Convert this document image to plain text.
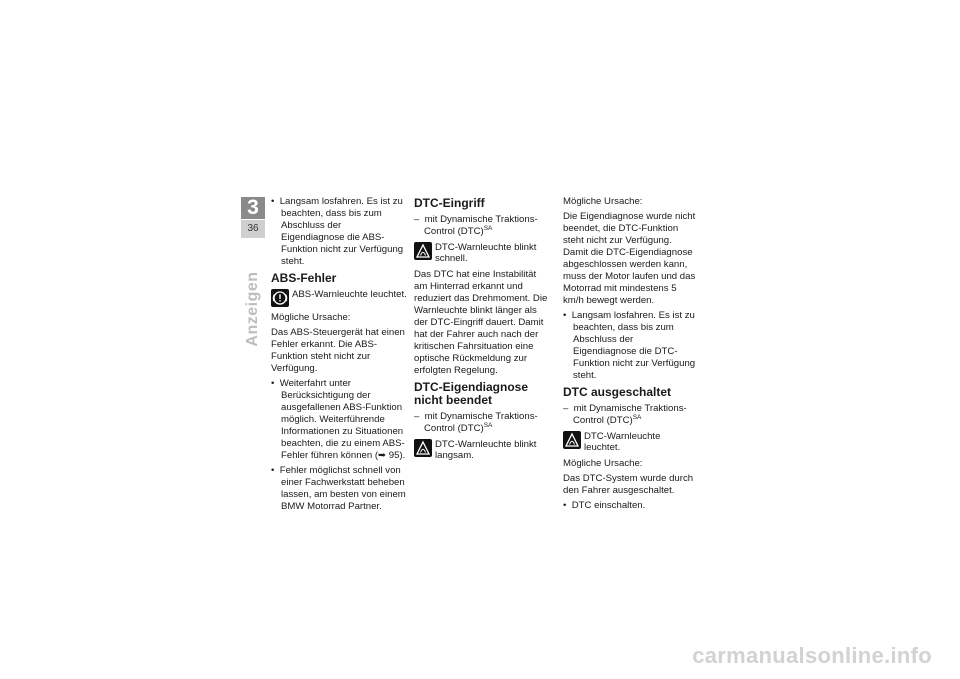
3
36
Anzeigen

•  Langsam losfahren. Es ist zu beachten, dass bis zum Abschluss der Eigendiagnose die ABS-Funktion nicht zur Verfügung steht.

ABS-Fehler
ABS-Warnleuchte leuchtet.

Mögliche Ursache:

Das ABS-Steuergerät hat einen Fehler erkannt. Die ABS-Funktion steht nicht zur Verfügung.

•  Weiterfahrt unter Berücksichtigung der ausgefallenen ABS-Funktion möglich. Weiterführende Informationen zu Situationen beachten, die zu einem ABS-Fehler führen können (➥ 95).

•  Fehler möglichst schnell von einer Fachwerkstatt beheben lassen, am besten von einem BMW Motorrad Partner.

DTC-Eingriff

–  mit Dynamische Traktions-Control (DTC)$^{SA}$

DTC-Warnleuchte blinkt schnell.

Das DTC hat eine Instabilität am Hinterrad erkannt und reduziert das Drehmoment. Die Warnleuchte blinkt länger als der DTC-Eingriff dauert. Damit hat der Fahrer auch nach der kritischen Fahrsituation eine optische Rückmeldung zur erfolgten Regelung.

DTC-Eigendiagnose nicht beendet

–  mit Dynamische Traktions-Control (DTC)$^{SA}$

DTC-Warnleuchte blinkt langsam.

Mögliche Ursache:

Die Eigendiagnose wurde nicht beendet, die DTC-Funktion steht nicht zur Verfügung. Damit die DTC-Eigendiagnose abgeschlossen werden kann, muss der Motor laufen und das Motorrad mit mindestens 5 km/h bewegt werden.

•  Langsam losfahren. Es ist zu beachten, dass bis zum Abschluss der Eigendiagnose die DTC-Funktion nicht zur Verfügung steht.

DTC ausgeschaltet

–  mit Dynamische Traktions-Control (DTC)$^{SA}$

DTC-Warnleuchte leuchtet.

Mögliche Ursache:

Das DTC-System wurde durch den Fahrer ausgeschaltet.

•  DTC einschalten.

carmanualsonline.info
